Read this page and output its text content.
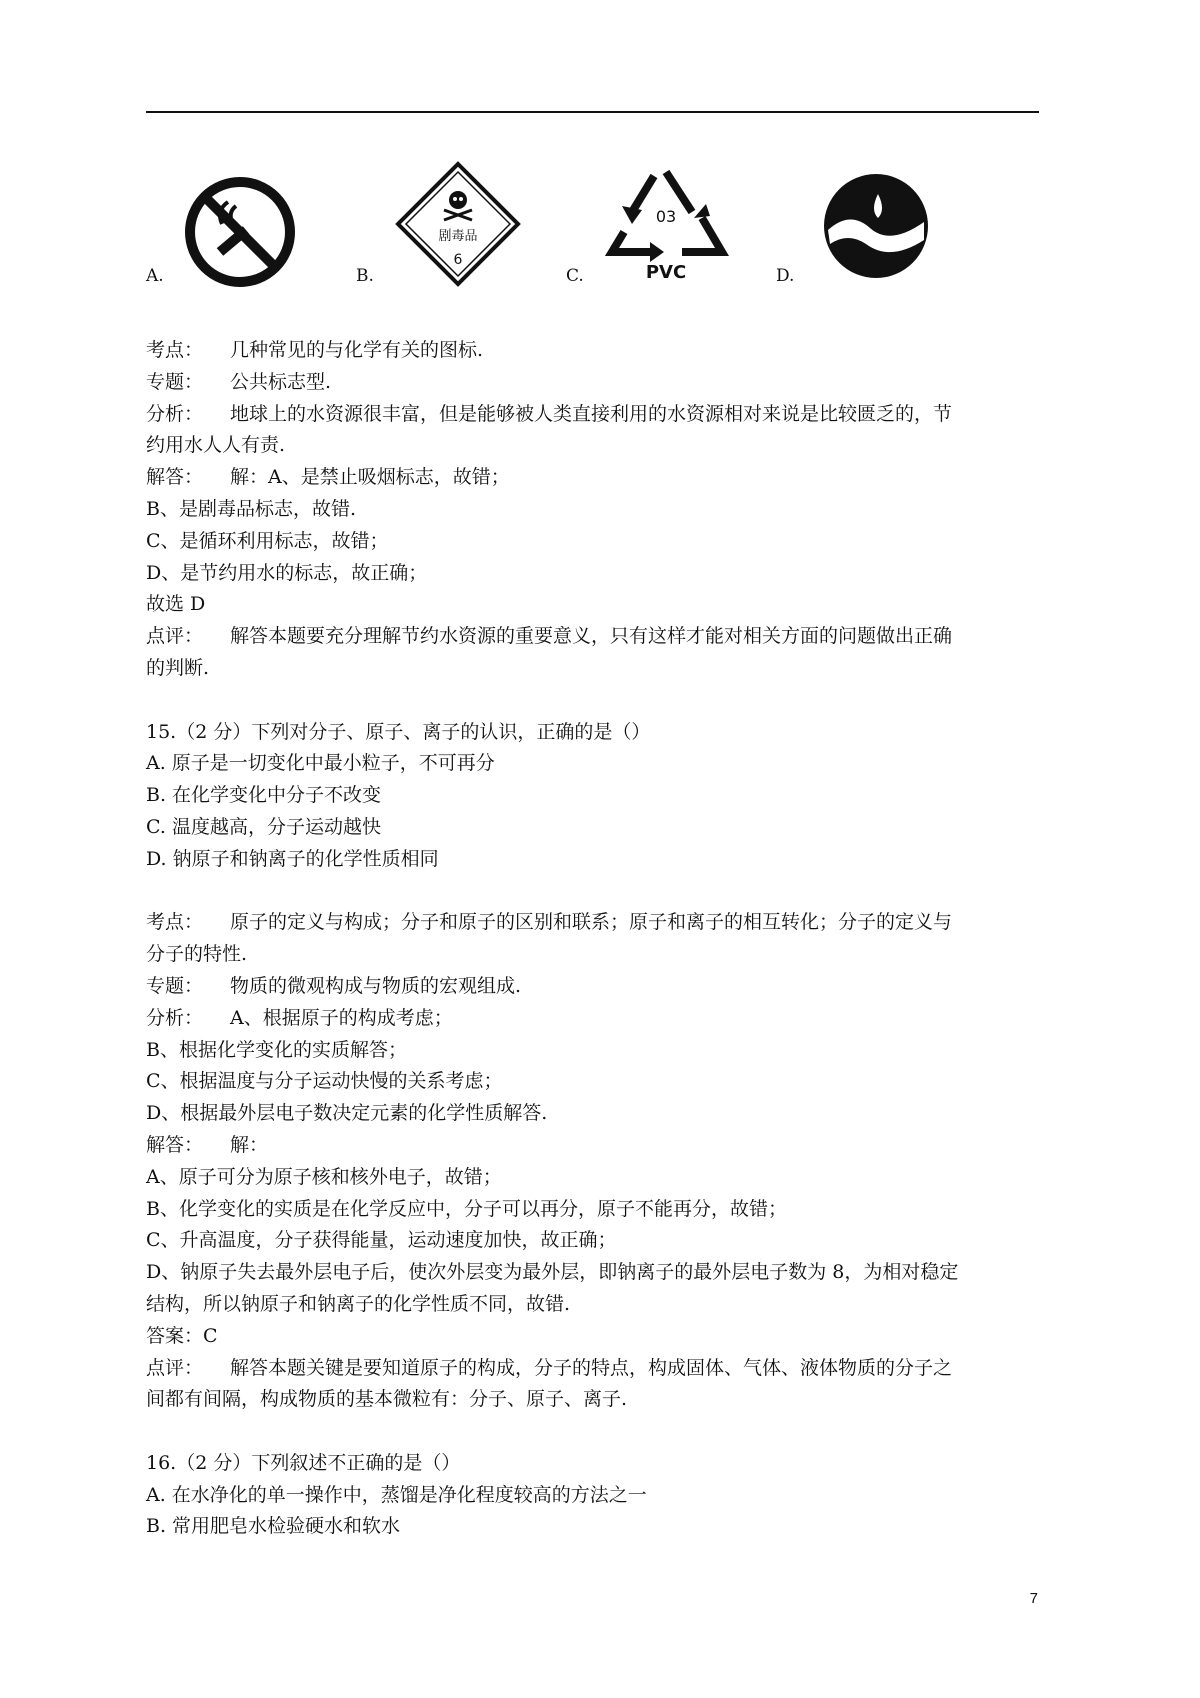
A.	B.
剧毒品
6
C.
03
PVC	D.
考点： 几种常见的与化学有关的图标.
专题： 公共标志型.
分析： 地球上的水资源很丰富，但是能够被人类直接利用的水资源相对来说是比较匮乏的，节
约用水人人有责.
解答： 解：A、是禁止吸烟标志，故错；
B、是剧毒品标志，故错.
C、是循环利用标志，故错；
D、是节约用水的标志，故正确；
故选 D
点评： 解答本题要充分理解节约水资源的重要意义，只有这样才能对相关方面的问题做出正确
的判断.
15.（2 分）下列对分子、原子、离子的认识，正确的是（）
A. 原子是一切变化中最小粒子，不可再分
B. 在化学变化中分子不改变
C. 温度越高，分子运动越快
D. 钠原子和钠离子的化学性质相同
考点： 原子的定义与构成；分子和原子的区别和联系；原子和离子的相互转化；分子的定义与
分子的特性.
专题： 物质的微观构成与物质的宏观组成.
分析： A、根据原子的构成考虑；
B、根据化学变化的实质解答；
C、根据温度与分子运动快慢的关系考虑；
D、根据最外层电子数决定元素的化学性质解答.
解答： 解：
A、原子可分为原子核和核外电子，故错；
B、化学变化的实质是在化学反应中，分子可以再分，原子不能再分，故错；
C、升高温度，分子获得能量，运动速度加快，故正确；
D、钠原子失去最外层电子后，使次外层变为最外层，即钠离子的最外层电子数为 8，为相对稳定
结构，所以钠原子和钠离子的化学性质不同，故错.
答案：C
点评： 解答本题关键是要知道原子的构成，分子的特点，构成固体、气体、液体物质的分子之
间都有间隔，构成物质的基本微粒有：分子、原子、离子.
16.（2 分）下列叙述不正确的是（）
A. 在水净化的单一操作中，蒸馏是净化程度较高的方法之一
B. 常用肥皂水检验硬水和软水
7
